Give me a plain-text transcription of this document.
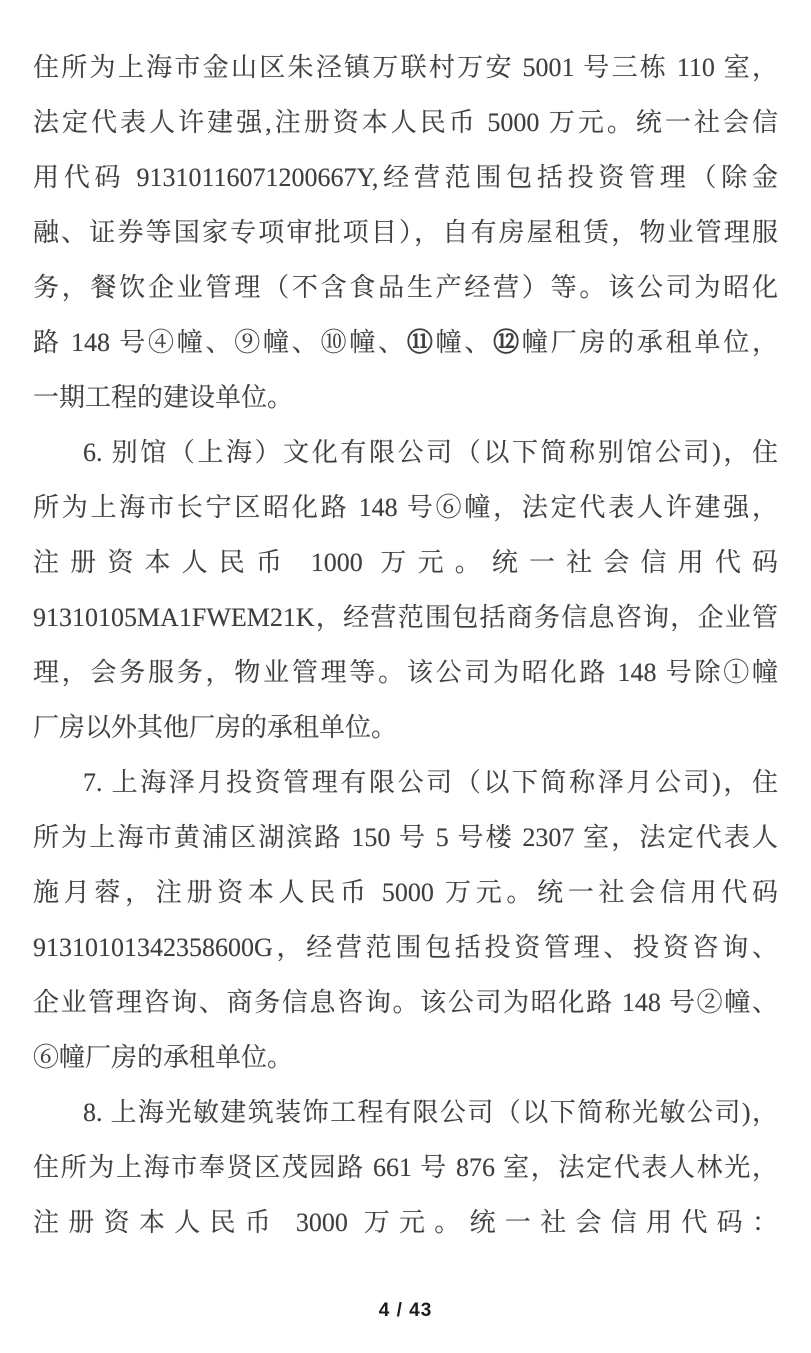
住所为上海市金山区朱泾镇万联村万安 5001 号三栋 110 室，
法定代表人许建强,注册资本人民币 5000 万元。统一社会信
用代码 91310116071200667Y,经营范围包括投资管理（除金
融、证券等国家专项审批项目），自有房屋租赁，物业管理服
务，餐饮企业管理（不含食品生产经营）等。该公司为昭化
路 148 号④幢、⑨幢、⑩幢、⑪幢、⑫幢厂房的承租单位，
一期工程的建设单位。
6. 别馆（上海）文化有限公司（以下简称别馆公司)，住
所为上海市长宁区昭化路 148 号⑥幢，法定代表人许建强，
注册资本人民币 1000 万元。统一社会信用代码
91310105MA1FWEM21K，经营范围包括商务信息咨询，企业管
理，会务服务，物业管理等。该公司为昭化路 148 号除①幢
厂房以外其他厂房的承租单位。
7. 上海泽月投资管理有限公司（以下简称泽月公司)，住
所为上海市黄浦区湖滨路 150 号 5 号楼 2307 室，法定代表人
施月蓉，注册资本人民币 5000 万元。统一社会信用代码
91310101342358600G，经营范围包括投资管理、投资咨询、
企业管理咨询、商务信息咨询。该公司为昭化路 148 号②幢、
⑥幢厂房的承租单位。
8. 上海光敏建筑装饰工程有限公司（以下简称光敏公司)，
住所为上海市奉贤区茂园路 661 号 876 室，法定代表人林光，
注册资本人民币 3000 万元。统一社会信用代码：
4 / 43
